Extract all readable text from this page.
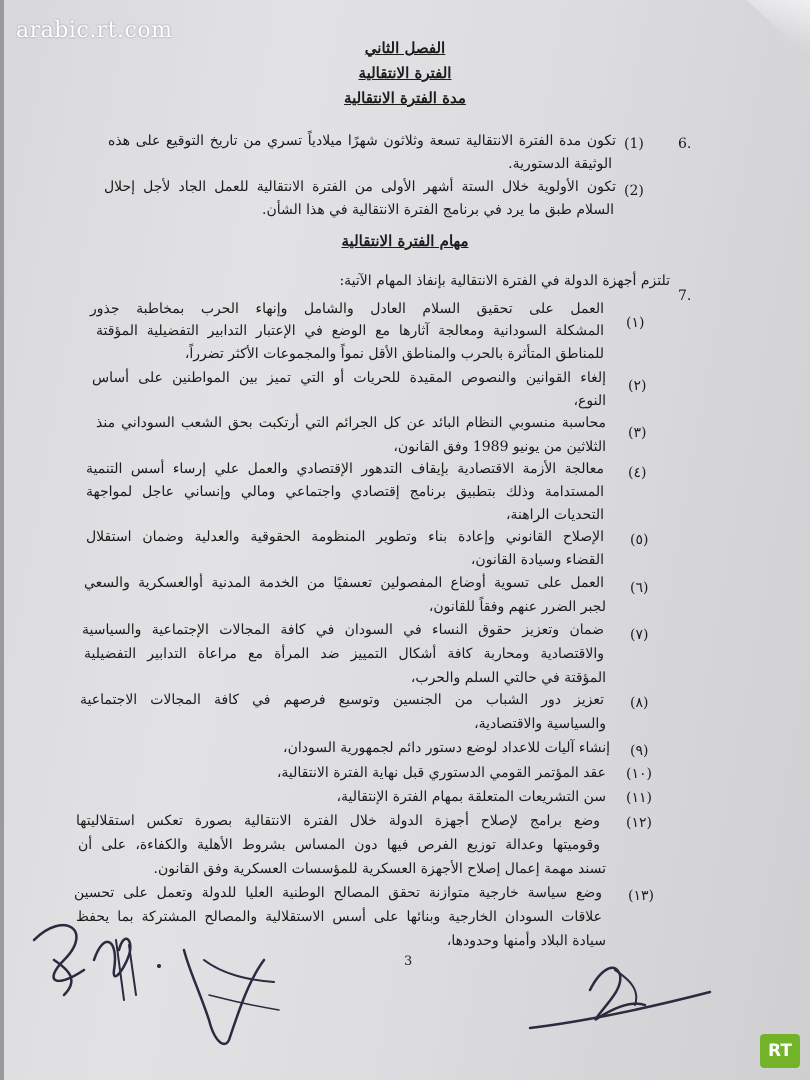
arabic.rt.com
الفصل الثاني
الفترة الانتقالية
مدة الفترة الانتقالية
6.
(1)
تكون مدة الفترة الانتقالية تسعة وثلاثون شهرًا ميلادياً تسري من تاريخ التوقيع على هذه
الوثيقة الدستورية.
(2)
تكون الأولوية خلال الستة أشهر الأولى من الفترة الانتقالية للعمل الجاد لأجل إحلال
السلام طبق ما يرد في برنامج الفترة الانتقالية في هذا الشأن.
مهام الفترة الانتقالية
7.
تلتزم أجهزة الدولة في الفترة الانتقالية بإنفاذ المهام الآتية:
(١)
العمل على تحقيق السلام العادل والشامل وإنهاء الحرب بمخاطبة جذور
المشكلة السودانية ومعالجة آثارها مع الوضع في الإعتبار التدابير التفضيلية المؤقتة
للمناطق المتأثرة بالحرب والمناطق الأقل نمواً والمجموعات الأكثر تضرراً،
(٢)
إلغاء القوانين والنصوص المقيدة للحريات أو التي تميز بين المواطنين على أساس
النوع،
(٣)
محاسبة منسوبي النظام البائد عن كل الجرائم التي أرتكبت بحق الشعب السوداني منذ
الثلاثين من يونيو 1989 وفق القانون،
(٤)
معالجة الأزمة الاقتصادية بإيقاف التدهور الإقتصادي والعمل علي إرساء أسس التنمية
المستدامة وذلك بتطبيق برنامج إقتصادي واجتماعي ومالي وإنساني عاجل لمواجهة
التحديات الراهنة،
(٥)
الإصلاح القانوني وإعادة بناء وتطوير المنظومة الحقوقية والعدلية وضمان استقلال
القضاء وسيادة القانون،
(٦)
العمل على تسوية أوضاع المفصولين تعسفيًا من الخدمة المدنية أوالعسكرية والسعي
لجبر الضرر عنهم وفقاً للقانون،
(٧)
ضمان وتعزيز حقوق النساء في السودان في كافة المجالات الإجتماعية والسياسية
والاقتصادية ومحاربة كافة أشكال التمييز ضد المرأة مع مراعاة التدابير التفضيلية
المؤقتة في حالتي السلم والحرب،
(٨)
تعزيز دور الشباب من الجنسين وتوسيع فرصهم في كافة المجالات الاجتماعية
والسياسية والاقتصادية،
(٩)
إنشاء آليات للاعداد لوضع دستور دائم لجمهورية السودان،
(١٠)
عقد المؤتمر القومي الدستوري قبل نهاية الفترة الانتقالية،
(١١)
سن التشريعات المتعلقة بمهام الفترة الإنتقالية،
(١٢)
وضع برامج لإصلاح أجهزة الدولة خلال الفترة الانتقالية بصورة تعكس استقلاليتها
وقوميتها وعدالة توزيع الفرص فيها دون المساس بشروط الأهلية والكفاءة، على أن
تسند مهمة إعمال إصلاح الأجهزة العسكرية للمؤسسات العسكرية وفق القانون.
(١٣)
وضع سياسة خارجية متوازنة تحقق المصالح الوطنية العليا للدولة وتعمل على تحسين
علاقات السودان الخارجية وبنائها على أسس الاستقلالية والمصالح المشتركة بما يحفظ
سيادة البلاد وأمنها وحدودها،
3
RT
